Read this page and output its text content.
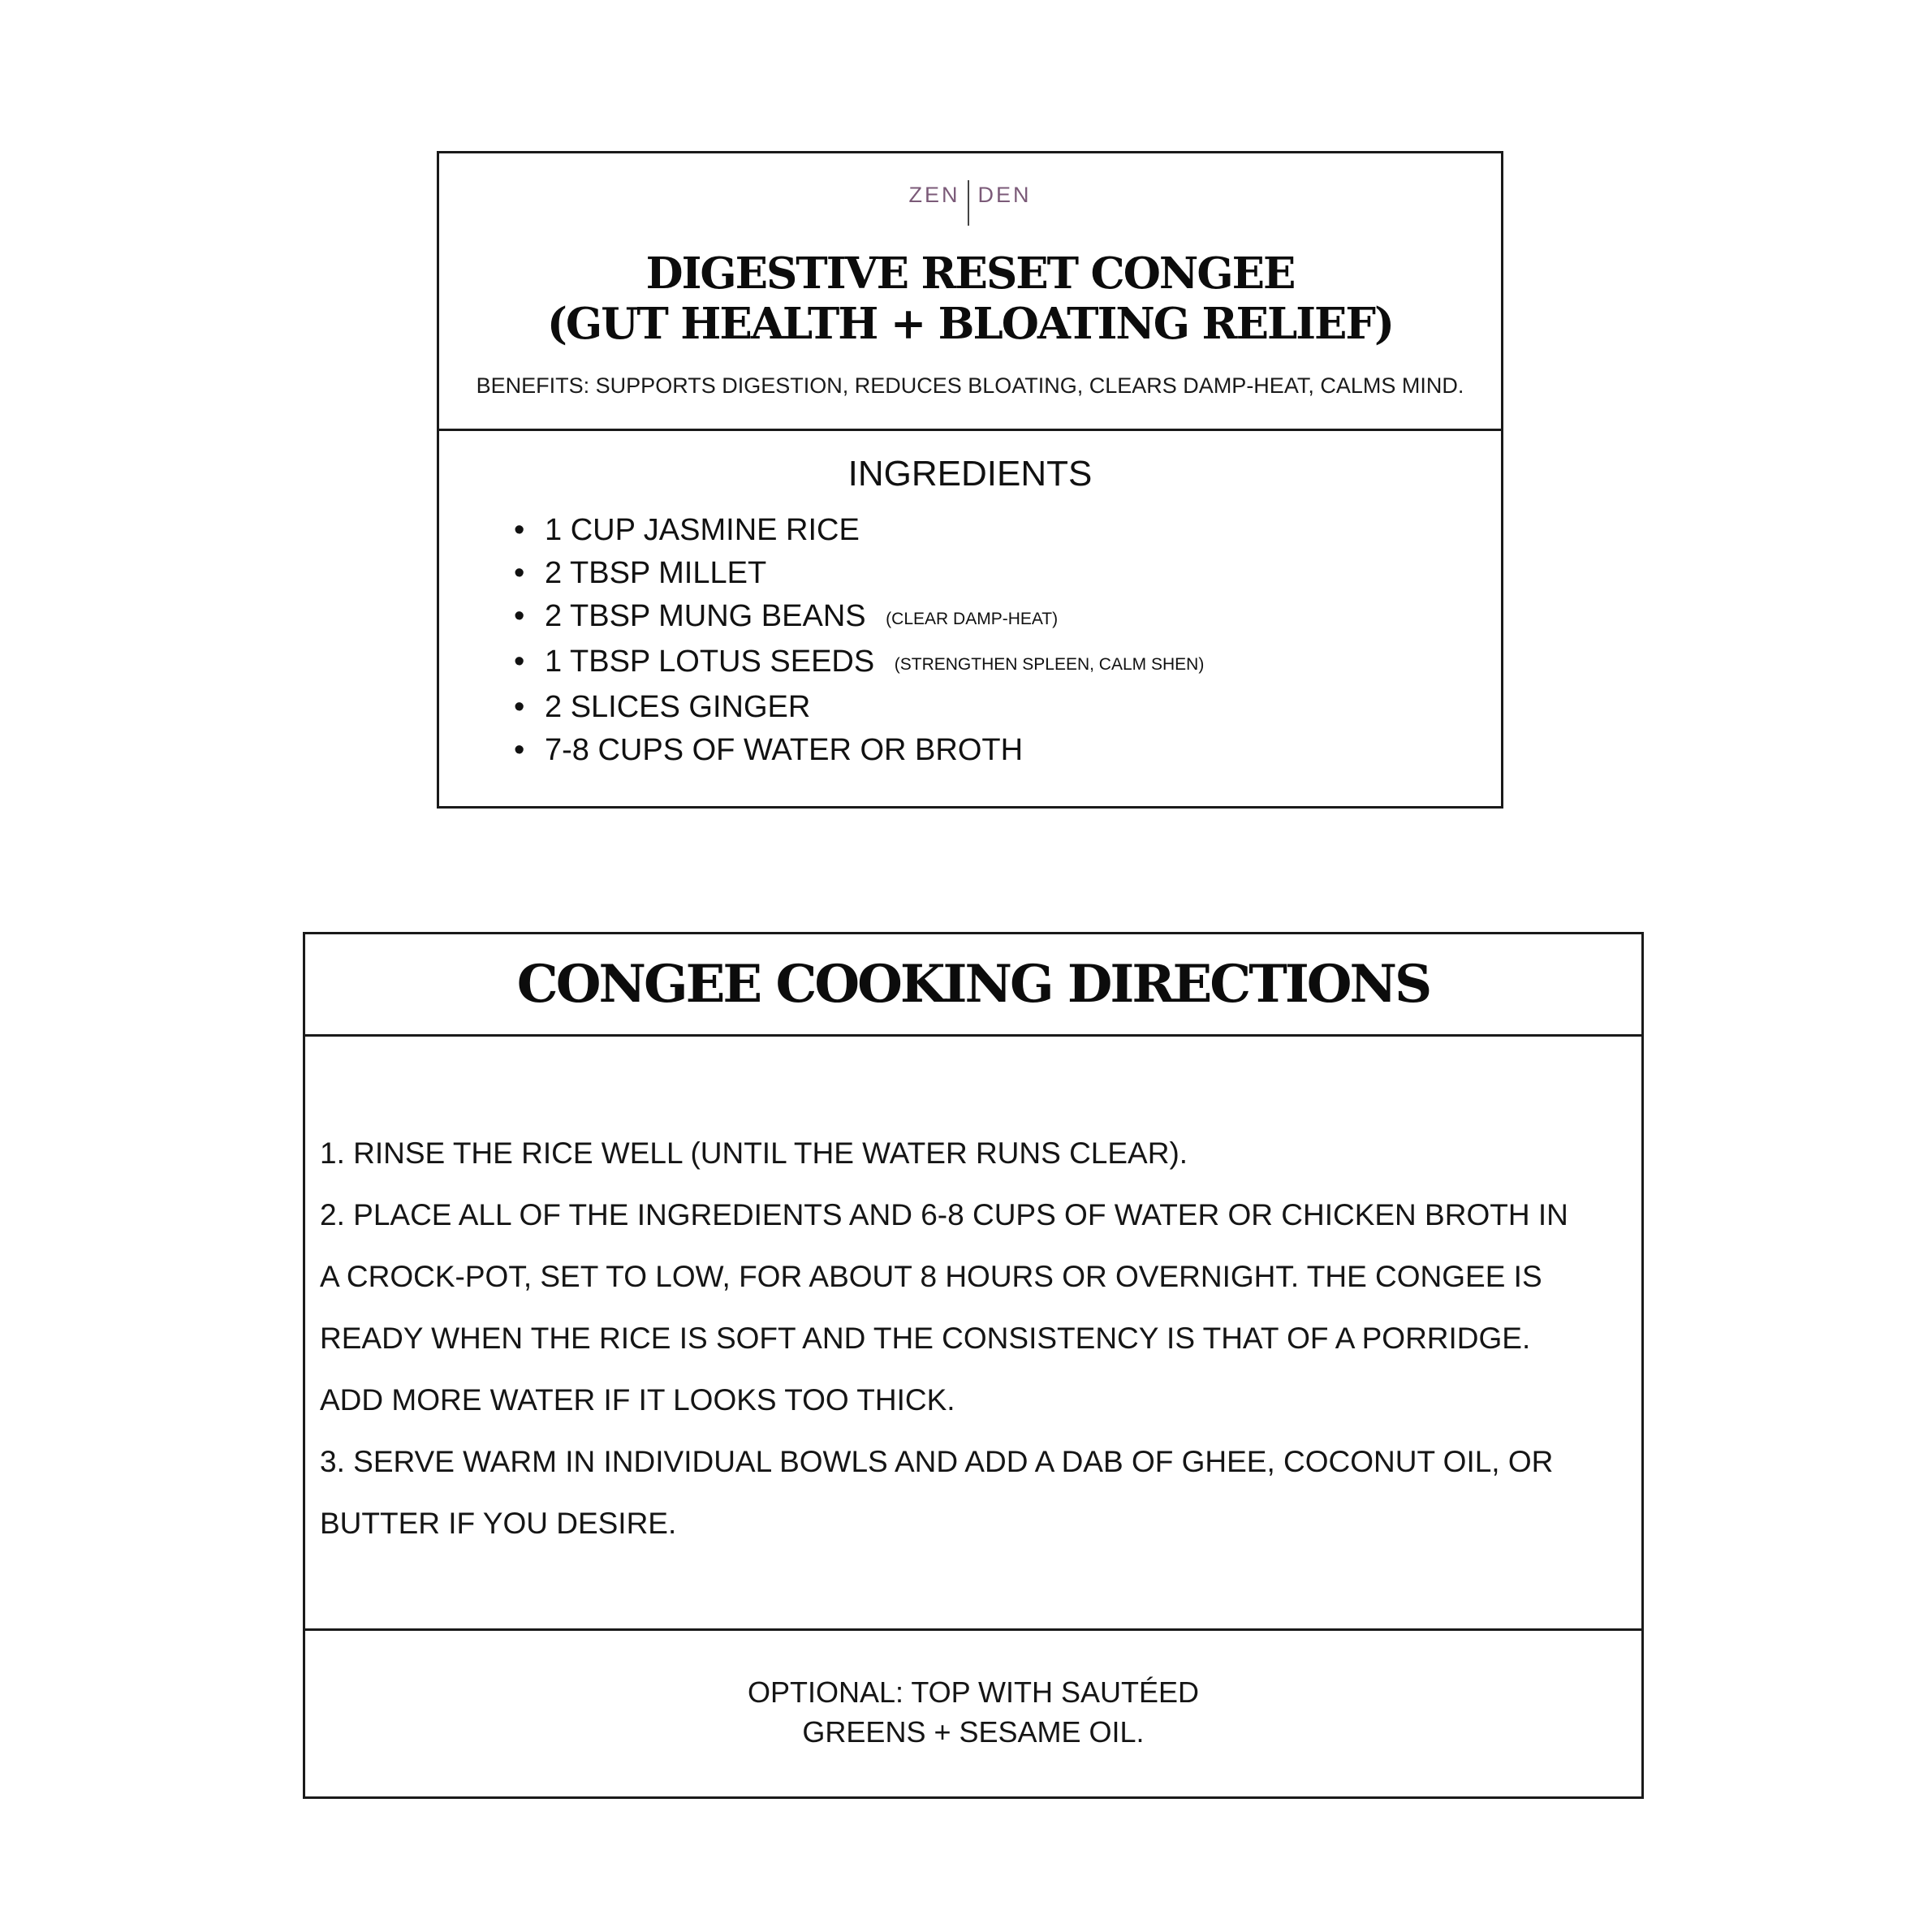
ZEN DEN
DIGESTIVE RESET CONGEE
(GUT HEALTH + BLOATING RELIEF)
BENEFITS: SUPPORTS DIGESTION, REDUCES BLOATING, CLEARS DAMP-HEAT, CALMS MIND.
INGREDIENTS
• 1 CUP JASMINE RICE
• 2 TBSP MILLET
• 2 TBSP MUNG BEANS (CLEAR DAMP-HEAT)
• 1 TBSP LOTUS SEEDS (STRENGTHEN SPLEEN, CALM SHEN)
• 2 SLICES GINGER
• 7-8 CUPS OF WATER OR BROTH
CONGEE COOKING DIRECTIONS

1. RINSE THE RICE WELL (UNTIL THE WATER RUNS CLEAR).

2. PLACE ALL OF THE INGREDIENTS AND 6-8 CUPS OF WATER OR CHICKEN BROTH IN

A CROCK-POT, SET TO LOW, FOR ABOUT 8 HOURS OR OVERNIGHT. THE CONGEE IS

READY WHEN THE RICE IS SOFT AND THE CONSISTENCY IS THAT OF A PORRIDGE.

ADD MORE WATER IF IT LOOKS TOO THICK.

3. SERVE WARM IN INDIVIDUAL BOWLS AND ADD A DAB OF GHEE, COCONUT OIL, OR

BUTTER IF YOU DESIRE.

OPTIONAL: TOP WITH SAUTÉED
GREENS + SESAME OIL.
